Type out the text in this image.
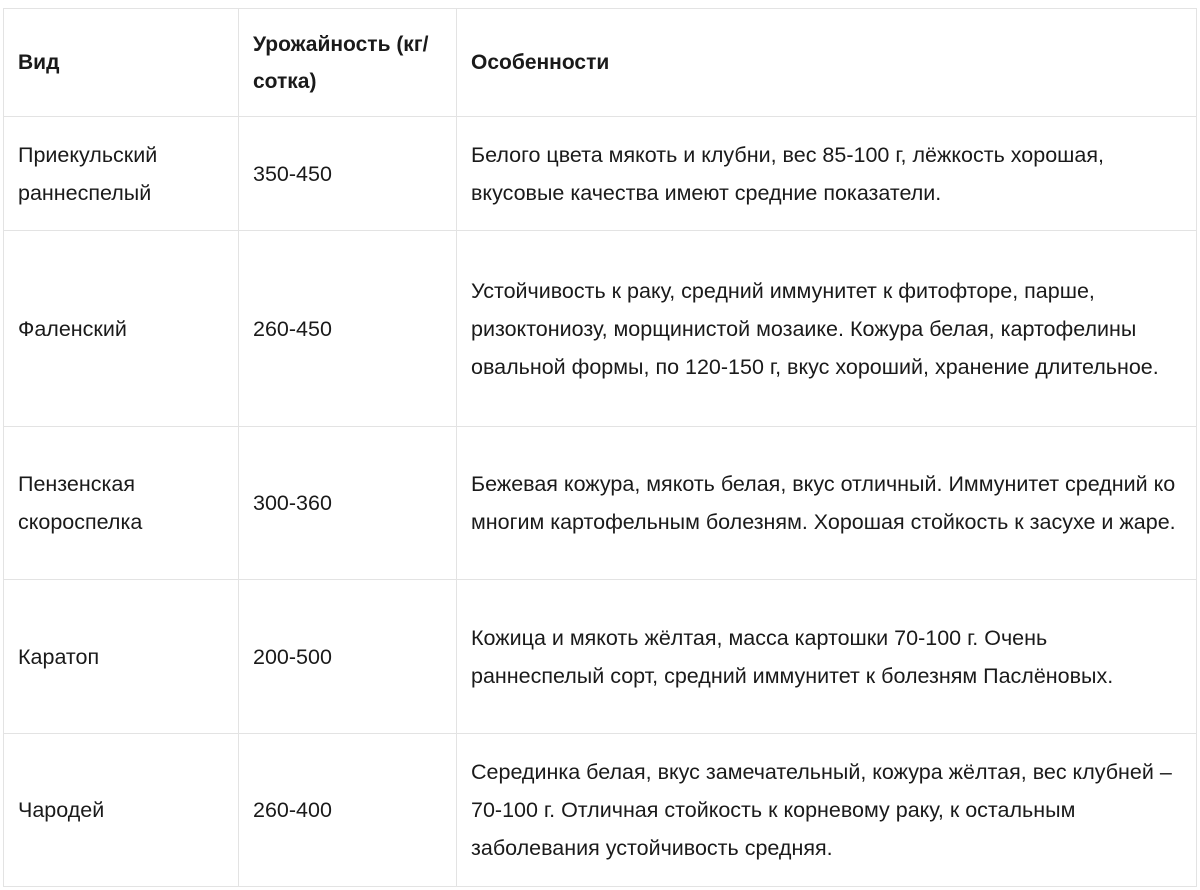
Вид	Урожайность (кг/сотка)	Особенности
Приекульский раннеспелый	350-450	Белого цвета мякоть и клубни, вес 85-100 г, лёжкость хорошая, вкусовые качества имеют средние показатели.
Фаленский	260-450	Устойчивость к раку, средний иммунитет к фитофторе, парше, ризоктониозу, морщинистой мозаике. Кожура белая, картофелины овальной формы, по 120-150 г, вкус хороший, хранение длительное.
Пензенская скороспелка	300-360	Бежевая кожура, мякоть белая, вкус отличный. Иммунитет средний ко многим картофельным болезням. Хорошая стойкость к засухе и жаре.
Каратоп	200-500	Кожица и мякоть жёлтая, масса картошки 70-100 г. Очень раннеспелый сорт, средний иммунитет к болезням Паслёновых.
Чародей	260-400	Серединка белая, вкус замечательный, кожура жёлтая, вес клубней – 70-100 г. Отличная стойкость к корневому раку, к остальным заболевания устойчивость средняя.
